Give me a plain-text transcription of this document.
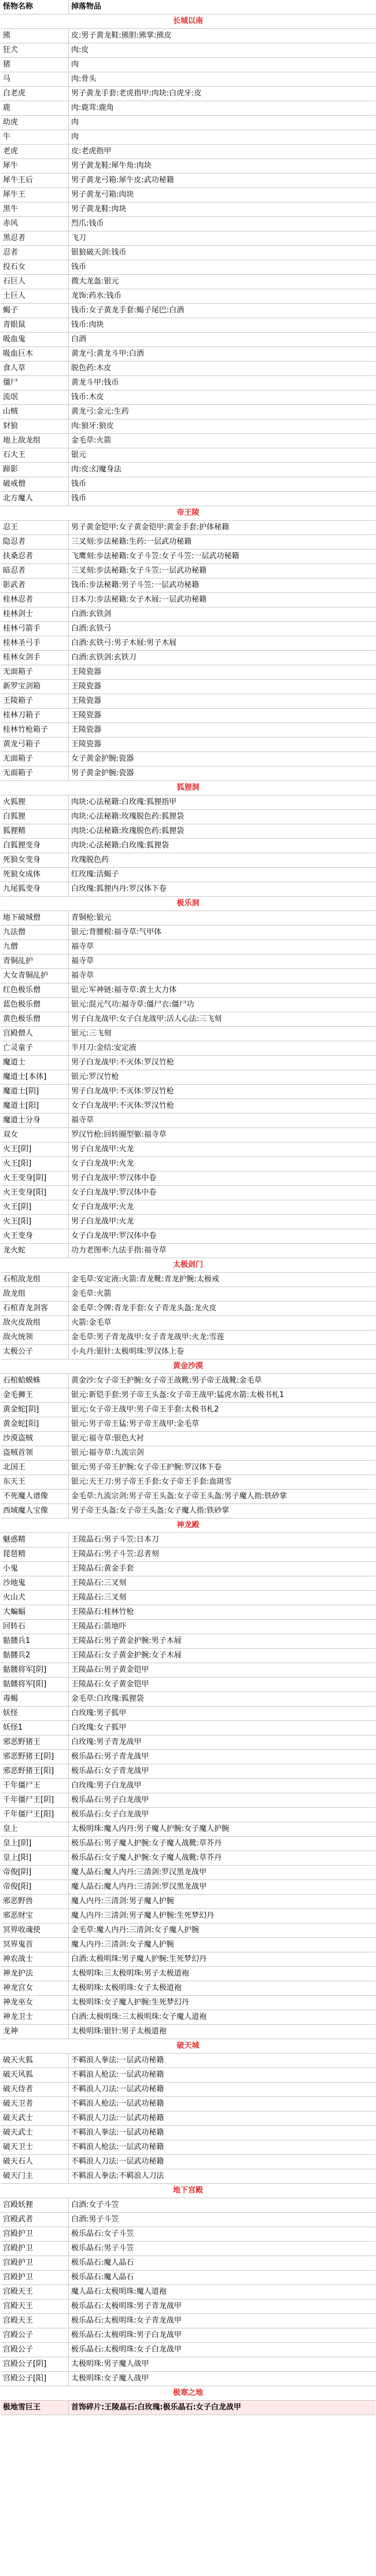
怪物名称	掉落物品
长城以南
熊	皮:男子黄龙鞋:熊胆:熊掌:熊皮
狂犬	肉:皮
猪	肉
马	肉:骨头
白老虎	男子黄龙手套:老虎指甲:肉块:白虎牙:皮
鹿	肉:鹿茸:鹿角
幼虎	肉
牛	肉
老虎	皮:老虎指甲
犀牛	男子黄龙鞋:犀牛角:肉块
犀牛王后	男子黄龙弓箱:犀牛皮:武功秘籍
犀牛王	男子黄龙弓箱:肉块
黑牛	男子黄龙鞋:肉块
赤风	烈爪:钱币
黑忍者	飞刀
忍者	银狼破天剑:钱币
投石女	钱币
石巨人	微大龙盔:银元
土巨人	龙饰:药水:钱币
蝎子	钱币:女子黄龙手套:蝎子尾巴:白酒
青眼鼠	钱币:肉块
吸血鬼	白酒
吸血巨木	黄龙弓:黄龙斗甲:白酒
食人草	脱色药:木皮
僵尸	黄龙斗甲:钱币
流氓	钱币:木皮
山贼	黄龙弓:金元:生药
豺狼	肉:狼牙:狼皮
地上敌龙组	金毛草:火箭
石大王	银元
蹄影	肉:皮:幻魔身法
破戒僧	钱币
北方魔人	钱币
帝王陵
忍王	男子黄金铠甲:女子黄金铠甲:黄金手套:护体秘籍
隐忍者	三叉刻:步法秘籍:生药:一层武功秘籍
扶桑忍者	飞鹰刻:步法秘籍:女子斗笠:女子斗笠:一层武功秘籍
暗忍者	三叉刻:步法秘籍:女子斗笠:一层武功秘籍
影武者	钱币:步法秘籍:男子斗笠:一层武功秘籍
桂林忍者	日本刀:步法秘籍:女子木屐:一层武功秘籍
桂林剑士	白酒:玄铁剑
桂林弓箭手	白酒:玄铁弓
桂林圣弓手	白酒:玄铁弓:男子木屐:男子木屐
桂林女剑手	白酒:玄铁剑:玄铁刀
无面箱子	王陵瓷器
新罗宝剑箱	王陵瓷器
王陵箱子	王陵瓷器
桂林刀箱子	王陵瓷器
桂林竹枪箱子	王陵瓷器
黄龙弓箱子	王陵瓷器
无面箱子	女子黄金护腕:瓷器
无面箱子	男子黄金护腕:瓷器
狐狸洞
火狐狸	肉块:心法秘籍:白玫瑰:狐狸指甲
白狐狸	肉块:心法秘籍:玫瑰脱色药:狐狸袋
狐狸精	肉块:心法秘籍:玫瑰脱色药:狐狸袋
白狐狸变身	肉块:心法秘籍:白玫瑰:狐狸袋
死狼女变身	玫瑰脱色药
死狼女成体	红玫瑰:活蝎子
九尾狐变身	白玫瑰:狐狸内丹:罗汉体下卷
极乐洞
地下破城僧	青铜枪:银元
九法僧	银元:背腰棍:福寺草:气甲体
九僧	福寺草
青铜乩护	福寺草
大女青铜乩护	福寺草
红色极乐僧	银元:军神链:福寺草:黄土大力体
蓝色极乐僧	银元:混元气功:福寺草:僵尸衣:僵尸功
黄色极乐僧	男子白龙战甲:女子白龙战甲:活人心法:三飞刻
宫殿僧人	银元:三飞刻
亡灵童子	半月刀:金结:安定液
魔道士	男子白龙战甲:不灭体:罗汉竹枪
魔道士[本体]	银元:罗汉竹枪
魔道士[阴]	男子白龙战甲:不灭体:罗汉竹枪
魔道士[阳]	女子白龙战甲:不灭体:罗汉竹枪
魔道士分身	福寺草
双女	罗汉竹枪:回转圈型躯:福寺草
火王[阴]	男子白龙战甲:火龙
火王[阳]	女子白龙战甲:火龙
火王变身[阴]	男子白龙战甲:罗汉体中卷
火王变身[阳]	女子白龙战甲:罗汉体中卷
火王[阴]	女子白龙战甲:火龙
火王[阳]	男子白龙战甲:火龙
火王变身	女子白龙战甲:罗汉体中卷
龙火蛇	功力老图率:九法手指:福寺草
太极剑门
石棺敌龙组	金毛草:安定液:火箭:青龙靴:青龙护腕:太极戒
敌龙组	金毛草:火箭
石棺青龙剑客	金毛草:令牌:青龙手套:女子青龙头盔:龙火皮
敌火皮敌组	火箭:金毛草
敌火统领	金毛草:男子青龙战甲:女子青龙战甲:火龙:雪莲
太极公子	小丸丹:银针:太极明珠:罗汉体上卷
黄金沙漠
石棺蛤蟆蛛	黄金沙:女子帝王护腕:女子帝王战靴:男子帝王战靴:金毛草
金毛狮王	银元:新铠手套:男子帝王头盔:女子帝王战甲:猛虎水箭:太极书札1
黄金蛇[阴]	银元:女子帝王战甲:男子帝王手套:太极书札2
黄金蛇[阳]	银元:男子帝王猛:男子帝王战甲:金毛草
沙漠盗贼	银元:福寺草:银色大衬
盗贼首领	银元:福寺草:九流宗剑
北国王	银元:男子帝王护腕:女子帝王护腕:罗汉体下卷
东天王	银元:天王刀:男子帝王手套:女子帝王手套:血斑雪
不死魔人谱像	金毛草:九流宗剑:男子帝王头盔:女子帝王头盔:男子魔人指:铁砂掌
西域魔人宝像	男子帝王头盔:女子帝王头盔:女子魔人指:铁砂掌
神龙殿
魅惑精	王陵晶石:男子斗笠:日本刀
琵琶精	王陵晶石:男子斗笠:忍者刻
小鬼	王陵晶石:黄金手套
沙地鬼	王陵晶石:三叉刻
火山犬	王陵晶石:三叉刻
大蝙蝠	王陵晶石:桂林竹枪
回转石	王陵晶石:箭地吓
骷髅兵1	王陵晶石:男子黄金护腕:男子木屐
骷髅兵2	王陵晶石:女子黄金护腕:女子木屐
骷髅将军[阴]	王陵晶石:男子黄金铠甲
骷髅将军[阳]	王陵晶石:女子黄金铠甲
毒蝎	金毛草:白玫瑰:狐狸袋
妖怪	白玫瑰:男子狐甲
妖怪1	白玫瑰:女子狐甲
邪恶野猪王	白玫瑰:男子青龙战甲
邪恶野猪王[阴]	极乐晶石:男子青龙战甲
邪恶野猪王[阳]	极乐晶石:女子青龙战甲
千年僵尸王	白玫瑰:男子白龙战甲
千年僵尸王[阴]	极乐晶石:男子白龙战甲
千年僵尸王[阳]	极乐晶石:女子白龙战甲
皇上	太极明珠:魔人内丹:男子魔人护腕:女子魔人护腕
皇上[阴]	极乐晶石:男子魔人护腕:女子魔人战靴:草芥丹
皇上[阳]	极乐晶石:女子魔人护腕:女子魔人战靴:草芥丹
帝俊[阴]	魔人晶石:魔人内丹:三清剑:罗汉黑龙战甲
帝俊[阳]	魔人晶石:魔人内丹:三清剑:罗汉黑龙战甲
邪恶野兽	魔人内丹:三清剑:男子魔人护腕
邪恶财宝	魔人内丹:三清剑:男子魔人护腕:生死梦幻丹
冥界收魂使	金毛草:魔人内丹:三清剑:女子魔人护腕
冥界鬼首	魔人内丹:三清剑:女子魔人护腕
神农战士	白酒:太极明珠:男子魔人护腕:生死梦幻丹
神龙护法	太极明珠:三太极明珠:男子太极道袍
神龙宫女	太极明珠:太极明珠:女子太极道袍
神龙巫女	太极明珠:女子魔人护腕:生死梦幻丹
神龙卫士	白酒:太极明珠:三太极明珠:女子魔人道袍
龙神	太极明珠:银针:男子太极道袍
破天城
破天火狐	不羁浪人拳法:一层武功秘籍
破天风狐	不羁浪人枪法:一层武功秘籍
破天侍者	不羁浪人刀法:一层武功秘籍
破天卫者	不羁浪人枪法:一层武功秘籍
破天武士	不羁浪人刀法:一层武功秘籍
破天武士	不羁浪人拳法:一层武功秘籍
破天卫士	不羁浪人枪法:一层武功秘籍
破天石人	不羁浪人刀法:一层武功秘籍
破天门主	不羁浪人拳法:不羁浪人刀法
地下宫殿
宫殿妖狸	白酒:女子斗笠
宫殿武者	白酒:男子斗笠
宫殿护卫	极乐晶石:女子斗笠
宫殿护卫	极乐晶石:男子斗笠
宫殿护卫	极乐晶石:魔人晶石
宫殿护卫	极乐晶石:魔人晶石
宫殿天王	魔人晶石:太极明珠:魔人道袍
宫殿天王	极乐晶石:太极明珠:男子青龙战甲
宫殿天王	极乐晶石:太极明珠:女子青龙战甲
宫殿公子	极乐晶石:太极明珠:男子白龙战甲
宫殿公子	极乐晶石:太极明珠:女子白龙战甲
宫殿公子[阴]	太极明珠:男子魔人战甲
宫殿公子[阳]	太极明珠:女子魔人战甲
极寒之地
极地雪巨王	首饰碎片:王陵晶石:白玫瑰:极乐晶石:女子白龙战甲
